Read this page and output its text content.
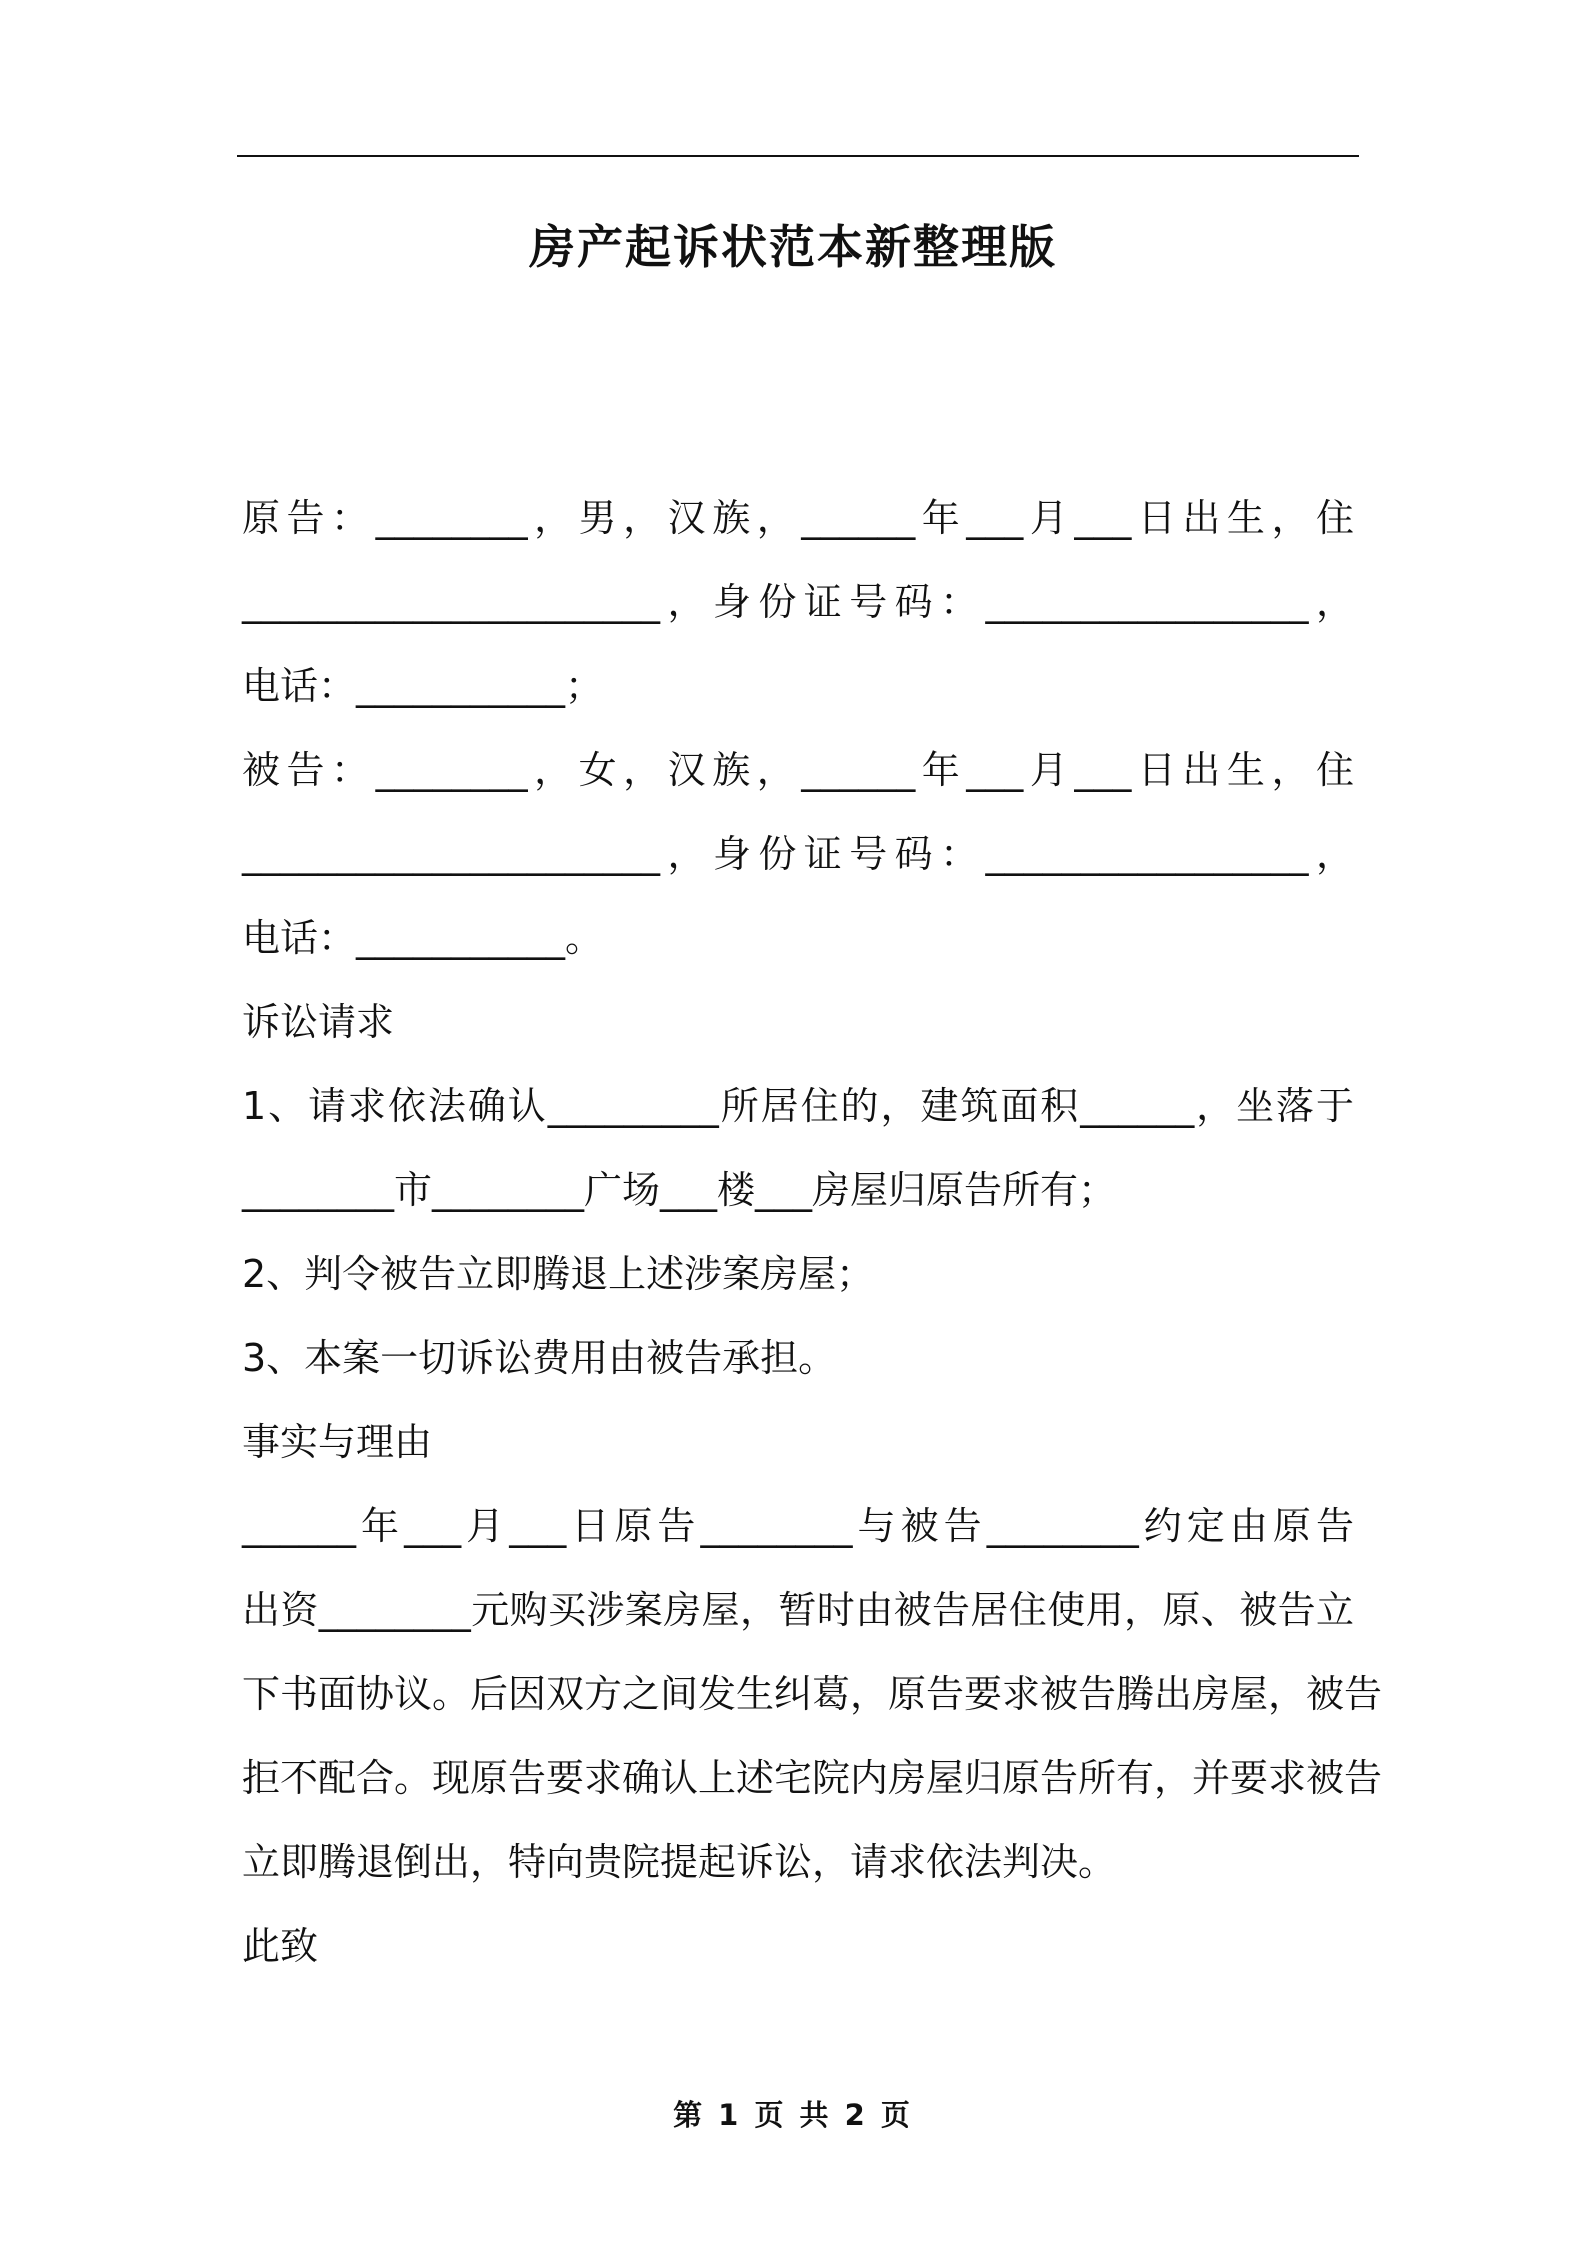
房产起诉状范本新整理版
原告：________，男，汉族，______年___月___日出生，住
______________________，身份证号码：_________________，
电话：___________；
被告：________，女，汉族，______年___月___日出生，住
______________________，身份证号码：_________________，
电话：___________。
诉讼请求
1、请求依法确认_________所居住的，建筑面积______，坐落于
________市________广场___楼___房屋归原告所有；
2、判令被告立即腾退上述涉案房屋；
3、本案一切诉讼费用由被告承担。
事实与理由
______年___月___日原告________与被告________约定由原告
出资________元购买涉案房屋，暂时由被告居住使用，原、被告立
下书面协议。后因双方之间发生纠葛，原告要求被告腾出房屋，被告
拒不配合。现原告要求确认上述宅院内房屋归原告所有，并要求被告
立即腾退倒出，特向贵院提起诉讼，请求依法判决。
此致
第 1 页 共 2 页
